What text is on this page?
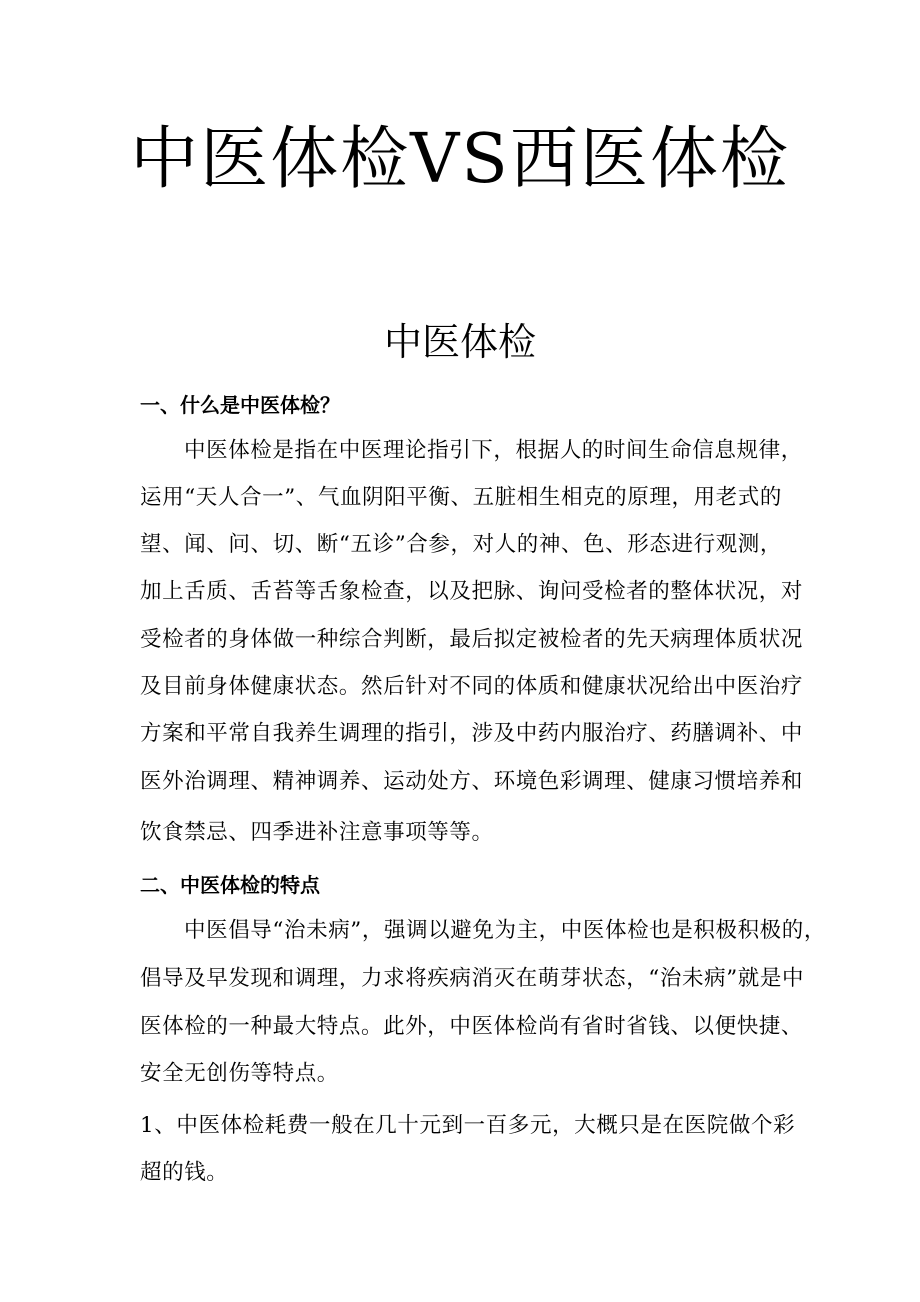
中医体检VS西医体检
中医体检
一、什么是中医体检？
中医体检是指在中医理论指引下，根据人的时间生命信息规律，
运用“天人合一”、气血阴阳平衡、五脏相生相克的原理，用老式的
望、闻、问、切、断“五诊”合参，对人的神、色、形态进行观测，
加上舌质、舌苔等舌象检查，以及把脉、询问受检者的整体状况，对
受检者的身体做一种综合判断，最后拟定被检者的先天病理体质状况
及目前身体健康状态。然后针对不同的体质和健康状况给出中医治疗
方案和平常自我养生调理的指引，涉及中药内服治疗、药膳调补、中
医外治调理、精神调养、运动处方、环境色彩调理、健康习惯培养和
饮食禁忌、四季进补注意事项等等。
二、中医体检的特点
中医倡导“治未病”，强调以避免为主，中医体检也是积极积极的，
倡导及早发现和调理，力求将疾病消灭在萌芽状态，“治未病”就是中
医体检的一种最大特点。此外，中医体检尚有省时省钱、以便快捷、
安全无创伤等特点。
1、中医体检耗费一般在几十元到一百多元，大概只是在医院做个彩
超的钱。
